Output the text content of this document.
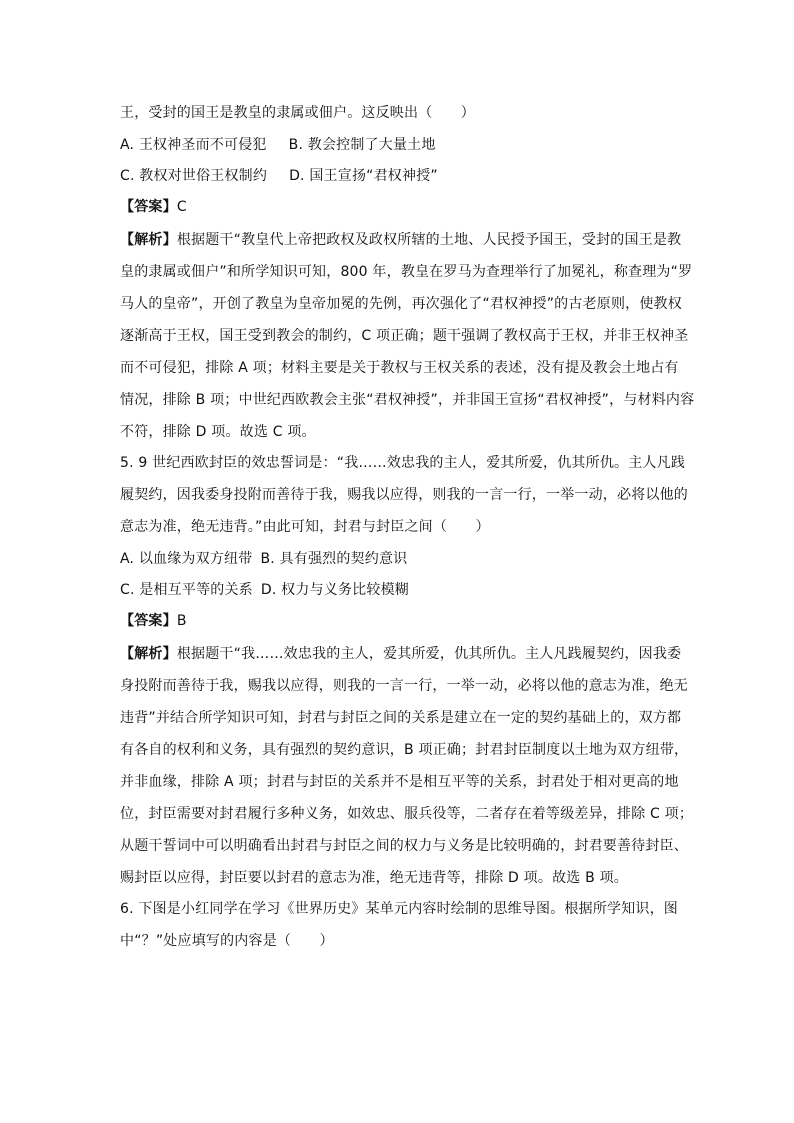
王，受封的国王是教皇的隶属或佃户。这反映出（　　）
A. 王权神圣而不可侵犯 B. 教会控制了大量土地
C. 教权对世俗王权制约 D. 国王宣扬“君权神授”
【答案】C
【解析】根据题干“教皇代上帝把政权及政权所辖的土地、人民授予国王，受封的国王是教
皇的隶属或佃户”和所学知识可知，800 年，教皇在罗马为查理举行了加冕礼，称查理为“罗
马人的皇帝”，开创了教皇为皇帝加冕的先例，再次强化了“君权神授”的古老原则，使教权
逐渐高于王权，国王受到教会的制约，C 项正确；题干强调了教权高于王权，并非王权神圣
而不可侵犯，排除 A 项；材料主要是关于教权与王权关系的表述，没有提及教会土地占有
情况，排除 B 项；中世纪西欧教会主张“君权神授”，并非国王宣扬“君权神授”，与材料内容
不符，排除 D 项。故选 C 项。
5. 9 世纪西欧封臣的效忠誓词是：“我……效忠我的主人，爱其所爱，仇其所仇。主人凡践
履契约，因我委身投附而善待于我，赐我以应得，则我的一言一行，一举一动，必将以他的
意志为准，绝无违背。”由此可知，封君与封臣之间（　　）
A. 以血缘为双方纽带 B. 具有强烈的契约意识
C. 是相互平等的关系 D. 权力与义务比较模糊
【答案】B
【解析】根据题干“我……效忠我的主人，爱其所爱，仇其所仇。主人凡践履契约，因我委
身投附而善待于我，赐我以应得，则我的一言一行，一举一动，必将以他的意志为准，绝无
违背”并结合所学知识可知，封君与封臣之间的关系是建立在一定的契约基础上的，双方都
有各自的权利和义务，具有强烈的契约意识，B 项正确；封君封臣制度以土地为双方纽带，
并非血缘，排除 A 项；封君与封臣的关系并不是相互平等的关系，封君处于相对更高的地
位，封臣需要对封君履行多种义务，如效忠、服兵役等，二者存在着等级差异，排除 C 项；
从题干誓词中可以明确看出封君与封臣之间的权力与义务是比较明确的，封君要善待封臣、
赐封臣以应得，封臣要以封君的意志为准，绝无违背等，排除 D 项。故选 B 项。
6. 下图是小红同学在学习《世界历史》某单元内容时绘制的思维导图。根据所学知识，图
中“？”处应填写的内容是（　　）
